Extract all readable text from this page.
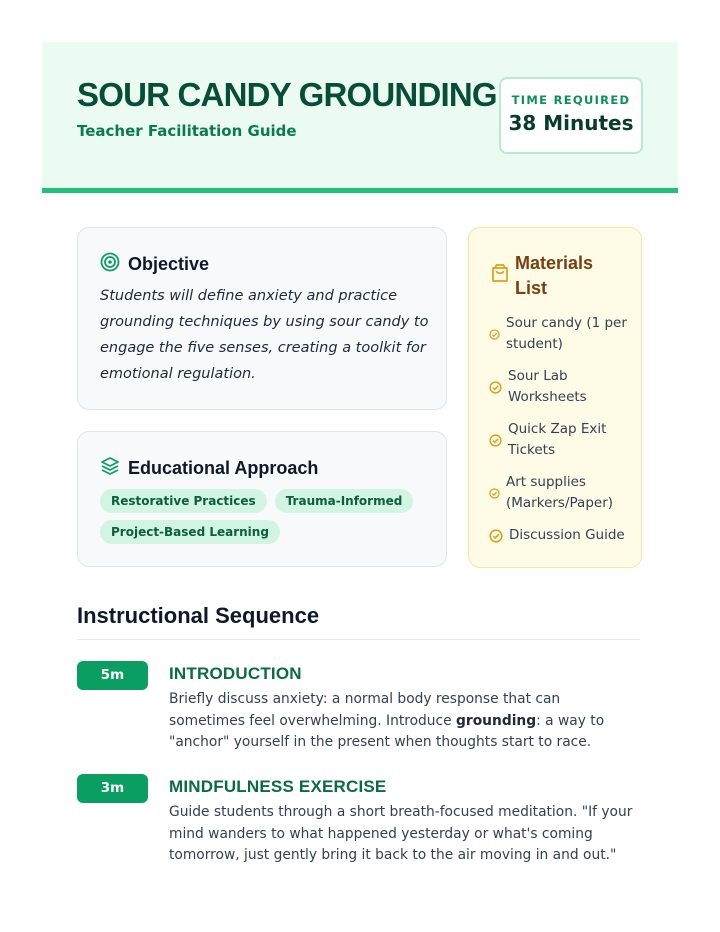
SOUR CANDY GROUNDING
Teacher Facilitation Guide
TIME REQUIRED
38 Minutes
Objective

Students will define anxiety and practice grounding techniques by using sour candy to engage the five senses, creating a toolkit for emotional regulation.

Educational Approach
Restorative Practices	Trauma-Informed
Project-Based Learning
Materials List
Sour candy (1 per student)
Sour Lab Worksheets
Quick Zap Exit Tickets
Art supplies (Markers/Paper)
Discussion Guide
Instructional Sequence
5m	INTRODUCTION

Briefly discuss anxiety: a normal body response that can sometimes feel overwhelming. Introduce grounding: a way to "anchor" yourself in the present when thoughts start to race.

3m	MINDFULNESS EXERCISE

Guide students through a short breath-focused meditation. "If your mind wanders to what happened yesterday or what's coming tomorrow, just gently bring it back to the air moving in and out."
